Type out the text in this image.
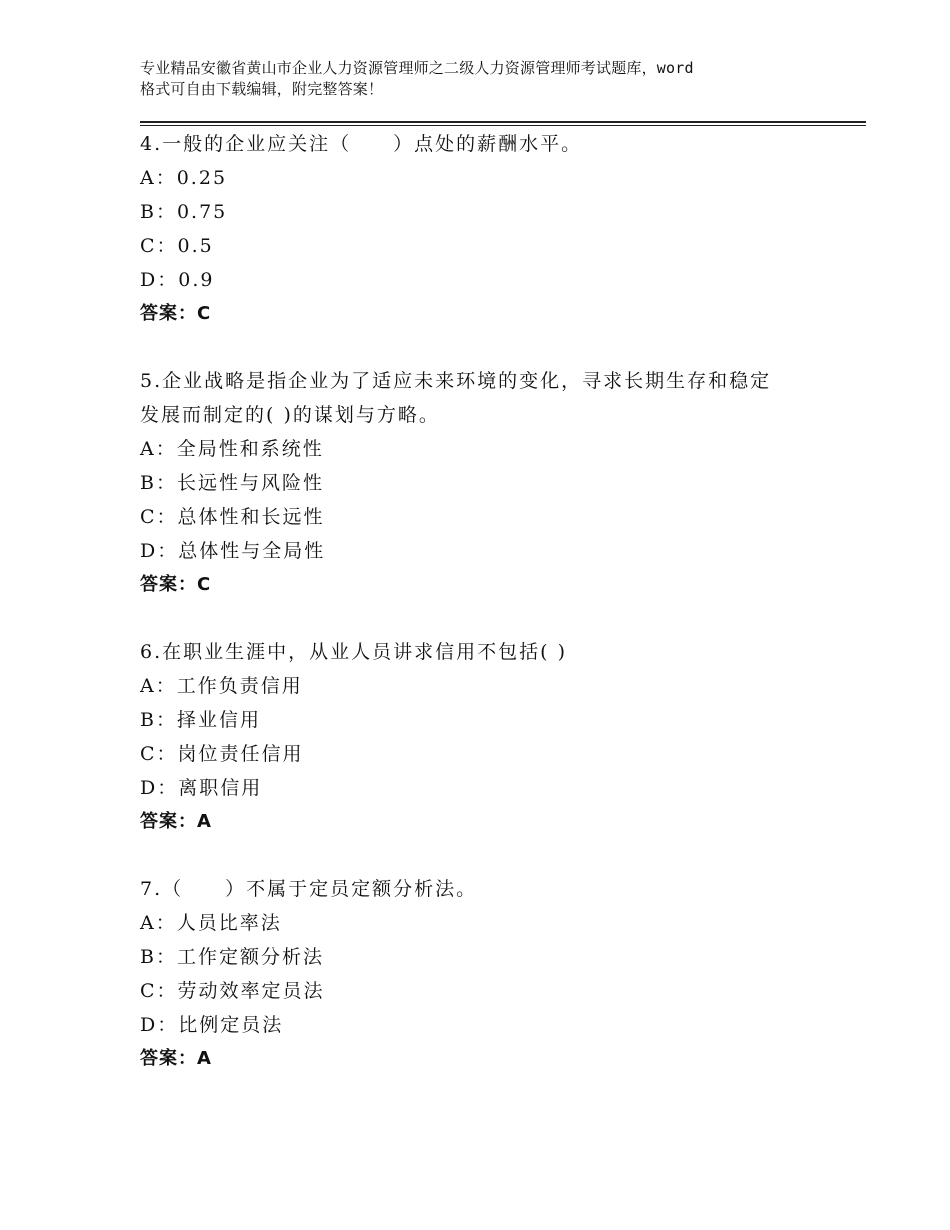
专业精品安徽省黄山市企业人力资源管理师之二级人力资源管理师考试题库，word
格式可自由下载编辑，附完整答案！
4.一般的企业应关注（　　）点处的薪酬水平。
A：0.25
B：0.75
C：0.5
D：0.9
答案：C
5.企业战略是指企业为了适应未来环境的变化，寻求长期生存和稳定
发展而制定的( )的谋划与方略。
A：全局性和系统性
B：长远性与风险性
C：总体性和长远性
D：总体性与全局性
答案：C
6.在职业生涯中，从业人员讲求信用不包括( )
A：工作负责信用
B：择业信用
C：岗位责任信用
D：离职信用
答案：A
7.（　　）不属于定员定额分析法。
A：人员比率法
B：工作定额分析法
C：劳动效率定员法
D：比例定员法
答案：A
